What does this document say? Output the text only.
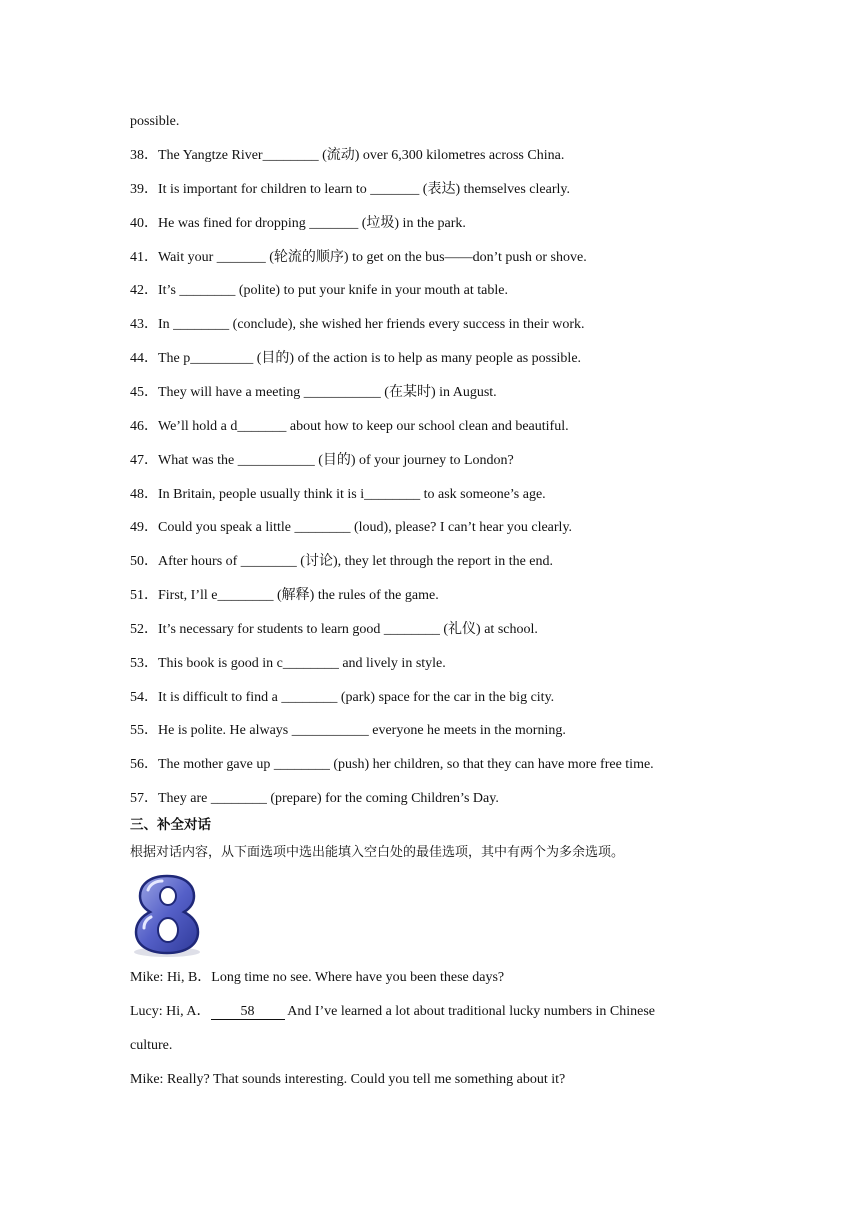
possible.
38．The Yangtze River________ (流动) over 6,300 kilometres across China.
39．It is important for children to learn to _______ (表达) themselves clearly.
40．He was fined for dropping _______ (垃圾) in the park.
41．Wait your _______ (轮流的顺序) to get on the bus——don’t push or shove.
42．It’s ________ (polite) to put your knife in your mouth at table.
43．In ________ (conclude), she wished her friends every success in their work.
44．The p_________ (目的) of the action is to help as many people as possible.
45．They will have a meeting ___________ (在某时) in August.
46．We’ll hold a d_______ about how to keep our school clean and beautiful.
47．What was the ___________ (目的) of your journey to London?
48．In Britain, people usually think it is i________ to ask someone’s age.
49．Could you speak a little ________ (loud), please? I can’t hear you clearly.
50．After hours of ________ (讨论), they let through the report in the end.
51．First, I’ll e________ (解释) the rules of the game.
52．It’s necessary for students to learn good ________ (礼仪) at school.
53．This book is good in c________ and lively in style.
54．It is difficult to find a ________ (park) space for the car in the big city.
55．He is polite. He always ___________ everyone he meets in the morning.
56．The mother gave up ________ (push) her children, so that they can have more free time.
57．They are ________ (prepare) for the coming Children’s Day.
三、补全对话
根据对话内容，从下面选项中选出能填入空白处的最佳选项，其中有两个为多余选项。
Mike: Hi, B．Long time no see. Where have you been these days?
Lucy: Hi, A． 58 And I’ve learned a lot about traditional lucky numbers in Chinese
culture.
Mike: Really? That sounds interesting. Could you tell me something about it?
